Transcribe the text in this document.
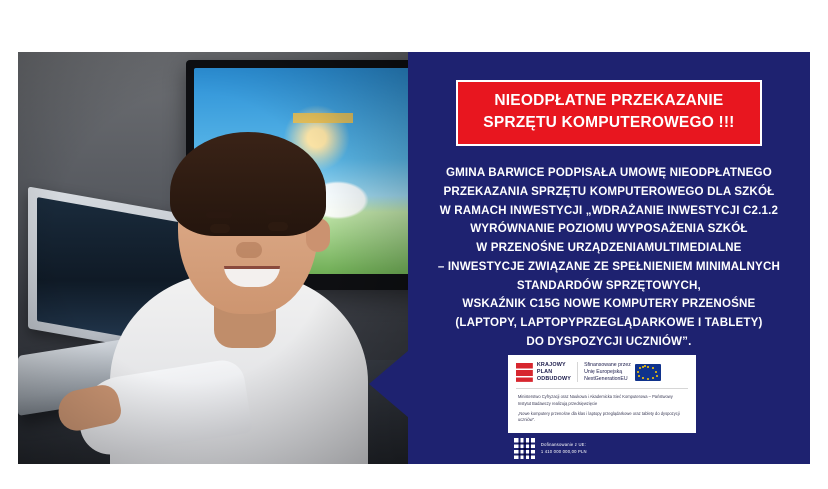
NIEODPŁATNE PRZEKAZANIE
SPRZĘTU KOMPUTEROWEGO !!!
GMINA BARWICE PODPISAŁA UMOWĘ NIEODPŁATNEGO
PRZEKAZANIA SPRZĘTU KOMPUTEROWEGO DLA SZKÓŁ
W RAMACH INWESTYCJI „WDRAŻANIE INWESTYCJI C2.1.2
WYRÓWNANIE POZIOMU WYPOSAŻENIA SZKÓŁ
W PRZENOŚNE URZĄDZENIAMULTIMEDIALNE
– INWESTYCJE ZWIĄZANE ZE SPEŁNIENIEM MINIMALNYCH
STANDARDÓW SPRZĘTOWYCH,
WSKAŹNIK C15G NOWE KOMPUTERY PRZENOŚNE
(LAPTOPY, LAPTOPYPRZEGLĄDARKOWE I TABLETY)
DO DYSPOZYCJI UCZNIÓW”.
KRAJOWY
PLAN
ODBUDOWY
Sfinansowane przez
Unię Europejską
NextGenerationEU

Ministerstwo Cyfryzacji oraz Naukowa i Akademicka Sieć Komputerowa – Państwowy Instytut Badawczy realizują przedsięwzięcie

„Nowe komputery przenośne dla klas i laptopy przeglądarkowe oraz tablety do dyspozycji uczniów”.

Dofinansowanie z UE:
1 410 000 000,00 PLN
